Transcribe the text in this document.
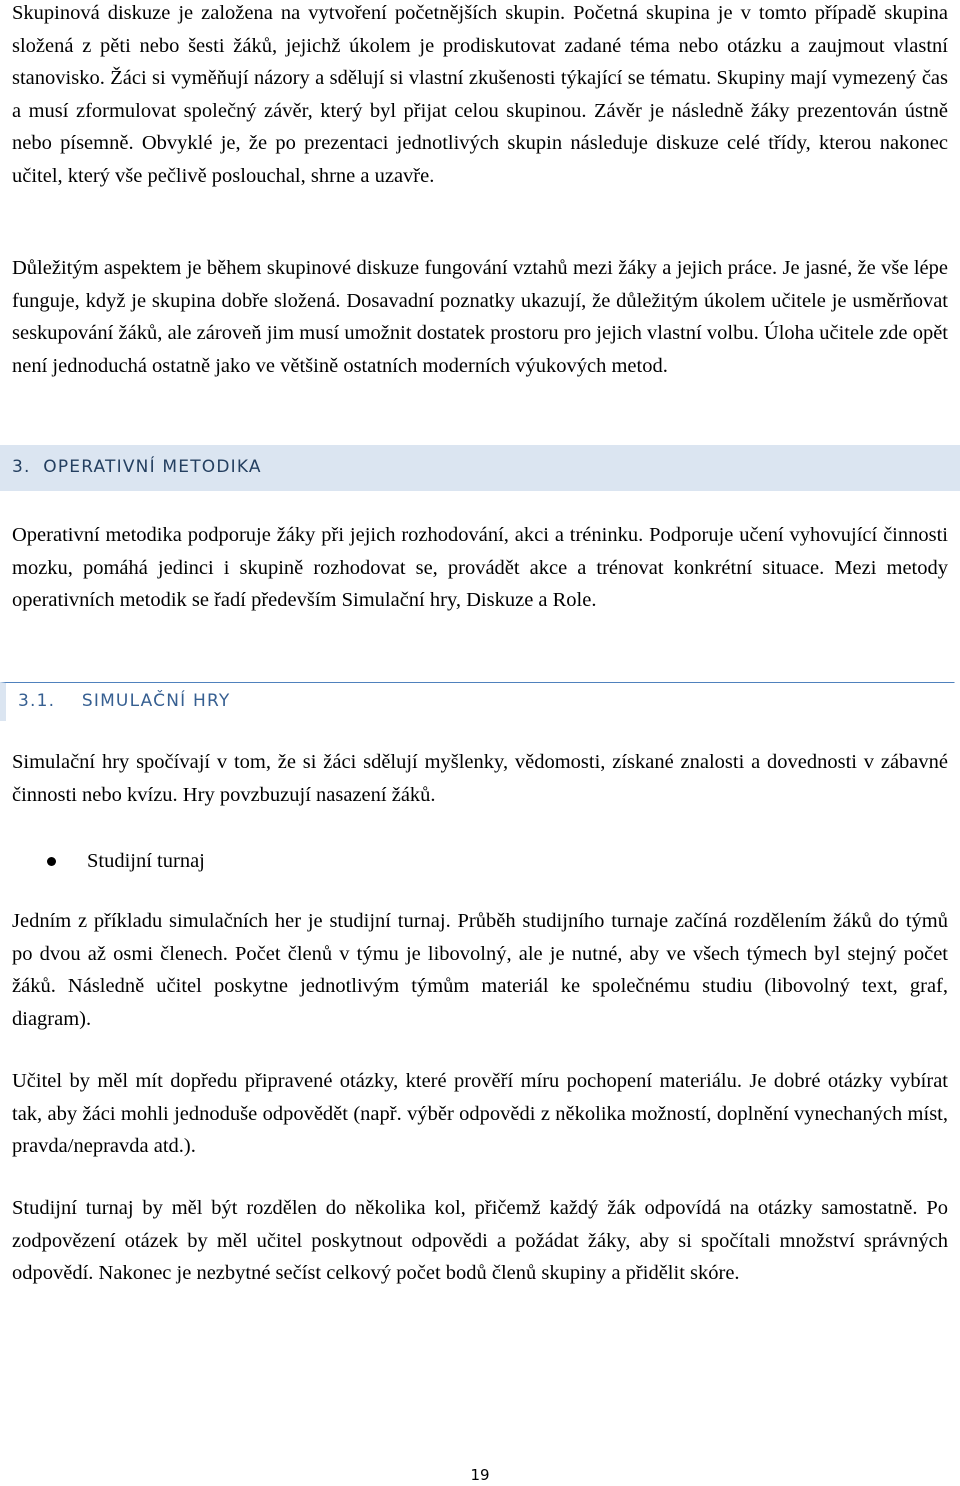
Skupinová diskuze je založena na vytvoření početnějších skupin. Početná skupina je v tomto případě skupina složená z pěti nebo šesti žáků, jejichž úkolem je prodiskutovat zadané téma nebo otázku a zaujmout vlastní stanovisko. Žáci si vyměňují názory a sdělují si vlastní zkušenosti týkající se tématu. Skupiny mají vymezený čas a musí zformulovat společný závěr, který byl přijat celou skupinou. Závěr je následně žáky prezentován ústně nebo písemně. Obvyklé je, že po prezentaci jednotlivých skupin následuje diskuze celé třídy, kterou nakonec učitel, který vše pečlivě poslouchal, shrne a uzavře.

Důležitým aspektem je během skupinové diskuze fungování vztahů mezi žáky a jejich práce. Je jasné, že vše lépe funguje, když je skupina dobře složená. Dosavadní poznatky ukazují, že důležitým úkolem učitele je usměrňovat seskupování žáků, ale zároveň jim musí umožnit dostatek prostoru pro jejich vlastní volbu. Úloha učitele zde opět není jednoduchá ostatně jako ve většině ostatních moderních výukových metod.

3. OPERATIVNÍ METODIKA

Operativní metodika podporuje žáky při jejich rozhodování, akci a tréninku. Podporuje učení vyhovující činnosti mozku, pomáhá jedinci i skupině rozhodovat se, provádět akce a trénovat konkrétní situace. Mezi metody operativních metodik se řadí především Simulační hry, Diskuze a Role.

3.1. SIMULAČNÍ HRY

Simulační hry spočívají v tom, že si žáci sdělují myšlenky, vědomosti, získané znalosti a dovednosti v zábavné činnosti nebo kvízu. Hry povzbuzují nasazení žáků.

Studijní turnaj

Jedním z příkladu simulačních her je studijní turnaj. Průběh studijního turnaje začíná rozdělením žáků do týmů po dvou až osmi členech. Počet členů v týmu je libovolný, ale je nutné, aby ve všech týmech byl stejný počet žáků. Následně učitel poskytne jednotlivým týmům materiál ke společnému studiu (libovolný text, graf, diagram).

Učitel by měl mít dopředu připravené otázky, které prověří míru pochopení materiálu. Je dobré otázky vybírat tak, aby žáci mohli jednoduše odpovědět (např. výběr odpovědi z několika možností, doplnění vynechaných míst, pravda/nepravda atd.).

Studijní turnaj by měl být rozdělen do několika kol, přičemž každý žák odpovídá na otázky samostatně. Po zodpovězení otázek by měl učitel poskytnout odpovědi a požádat žáky, aby si spočítali množství správných odpovědí. Nakonec je nezbytné sečíst celkový počet bodů členů skupiny a přidělit skóre.

19
